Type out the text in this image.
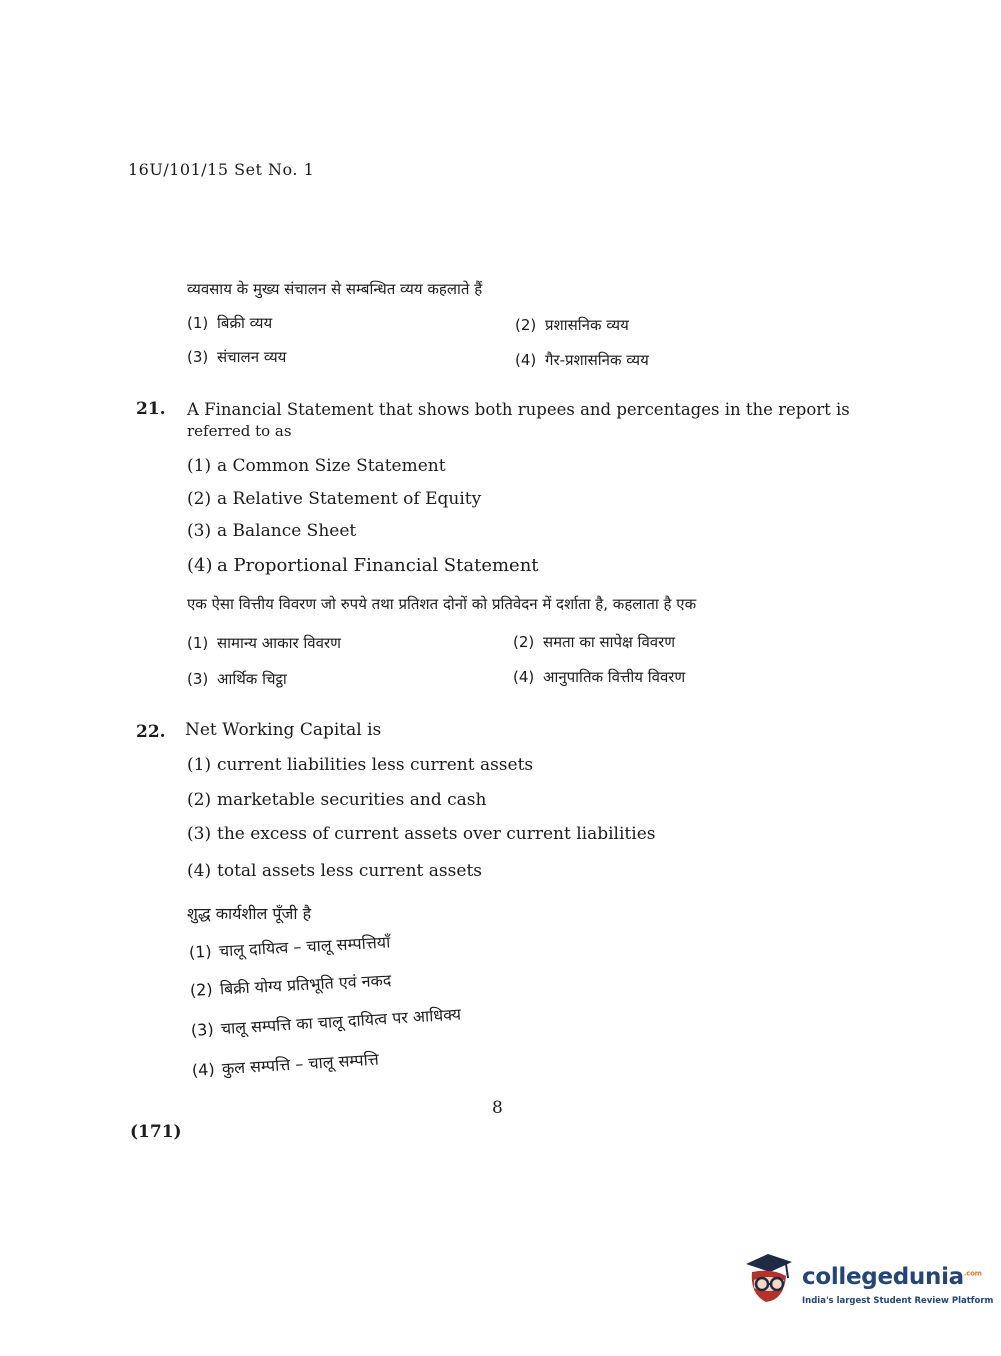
16U/101/15 Set No. 1
व्यवसाय के मुख्य संचालन से सम्बन्धित व्यय कहलाते हैं
(1) बिक्री व्यय	(2) प्रशासनिक व्यय
(3) संचालन व्यय	(4) गैर-प्रशासनिक व्यय
21. A Financial Statement that shows both rupees and percentages in the report is
referred to as
(1) a Common Size Statement
(2) a Relative Statement of Equity
(3) a Balance Sheet
(4) a Proportional Financial Statement
एक ऐसा वित्तीय विवरण जो रुपये तथा प्रतिशत दोनों को प्रतिवेदन में दर्शाता है, कहलाता है एक
(1) सामान्य आकार विवरण	(2) समता का सापेक्ष विवरण
(3) आर्थिक चिट्ठा	(4) आनुपातिक वित्तीय विवरण
22. Net Working Capital is
(1) current liabilities less current assets
(2) marketable securities and cash
(3) the excess of current assets over current liabilities
(4) total assets less current assets
शुद्ध कार्यशील पूँजी है
(1) चालू दायित्व – चालू सम्पत्तियाँ
(2) बिक्री योग्य प्रतिभूति एवं नकद
(3) चालू सम्पत्ति का चालू दायित्व पर आधिक्य
(4) कुल सम्पत्ति – चालू सम्पत्ति
8
(171)
collegedunia$^{.com}$
India's largest Student Review Platform
